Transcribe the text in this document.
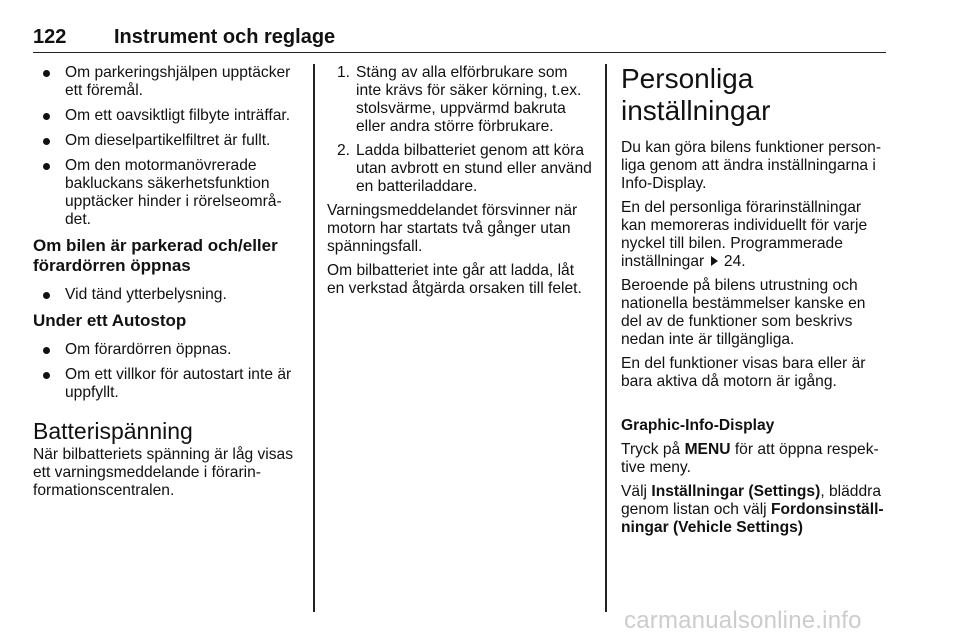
122 Instrument och reglage
Om parkeringshjälpen upptäcker ett föremål.
Om ett oavsiktligt filbyte inträffar.
Om dieselpartikelfiltret är fullt.
Om den motormanövrerade bakluckans säkerhetsfunktion upptäcker hinder i rörelseområ-det.
Om bilen är parkerad och/eller förardörren öppnas
Vid tänd ytterbelysning.
Under ett Autostop
Om förardörren öppnas.
Om ett villkor för autostart inte är uppfyllt.
Batterispänning

När bilbatteriets spänning är låg visas ett varningsmeddelande i förarin-formationscentralen.

1. Stäng av alla elförbrukare som inte krävs för säker körning, t.ex. stolsvärme, uppvärmd bakruta eller andra större förbrukare.
2. Ladda bilbatteriet genom att köra utan avbrott en stund eller använd en batteriladdare.

Varningsmeddelandet försvinner när motorn har startats två gånger utan spänningsfall.

Om bilbatteriet inte går att ladda, låt en verkstad åtgärda orsaken till felet.

Personliga inställningar

Du kan göra bilens funktioner person-liga genom att ändra inställningarna i Info-Display.

En del personliga förarinställningar kan memoreras individuellt för varje nyckel till bilen. Programmerade inställningar 24.

Beroende på bilens utrustning och nationella bestämmelser kanske en del av de funktioner som beskrivs nedan inte är tillgängliga.

En del funktioner visas bara eller är bara aktiva då motorn är igång.

Graphic-Info-Display

Tryck på MENU för att öppna respek-tive meny.

Välj Inställningar (Settings), bläddra genom listan och välj Fordonsinställ-ningar (Vehicle Settings)

carmanualsonline.info
